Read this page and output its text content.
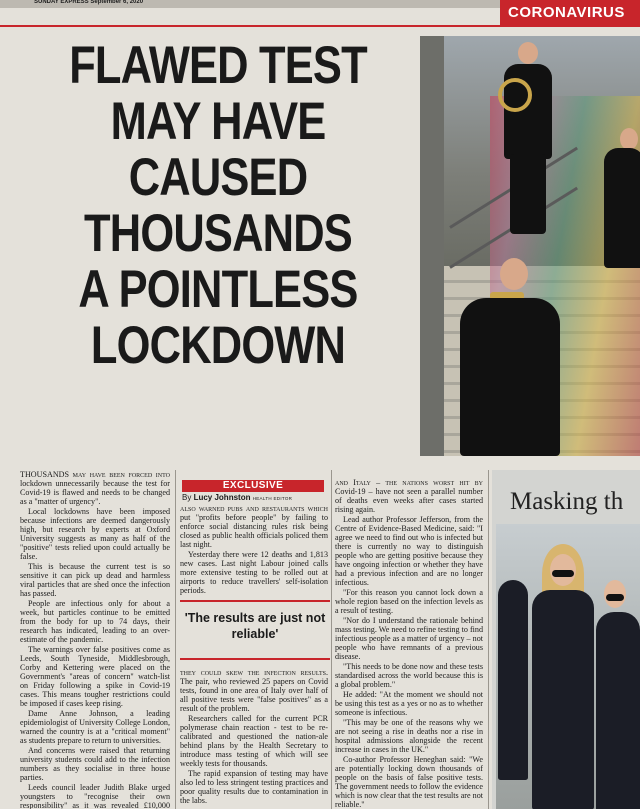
SUNDAY EXPRESS September 6, 2020
CORONAVIRUS
FLAWED TEST
MAY HAVE
CAUSED
THOUSANDS
A POINTLESS
LOCKDOWN

THOUSANDS may have been forced into lockdown unnecessarily because the test for Covid-19 is flawed and needs to be changed as a "matter of urgency".

Local lockdowns have been imposed because infections are deemed dangerously high, but research by experts at Oxford University suggests as many as half of the "positive" tests relied upon could actually be false.

This is because the current test is so sensitive it can pick up dead and harmless viral particles that are shed once the infection has passed.

People are infectious only for about a week, but particles continue to be emitted from the body for up to 74 days, their research has indicated, leading to an over-estimate of the pandemic.

The warnings over false positives come as Leeds, South Tyneside, Middlesbrough, Corby and Kettering were placed on the Government's "areas of concern" watch-list on Friday following a spike in Covid-19 cases. This means tougher restrictions could be imposed if cases keep rising.

Dame Anne Johnson, a leading epidemiologist of University College London, warned the country is at a "critical moment" as students prepare to return to universities.

And concerns were raised that returning university students could add to the infection numbers as they socialise in three house parties.

Leeds council leader Judith Blake urged youngsters to "recognise their own responsibility" as it was revealed £10,000

EXCLUSIVE
By Lucy Johnston HEALTH EDITOR

also warned pubs and restaurants which put "profits before people" by failing to enforce social distancing rules risk being closed as public health officials policed them last night.

Yesterday there were 12 deaths and 1,813 new cases. Last night Labour joined calls more extensive testing to be rolled out at airports to reduce travellers' self-isolation periods.

'The results are just not reliable'

they could skew the infection results. The pair, who reviewed 25 papers on Covid tests, found in one area of Italy over half of all positive tests were "false positives" as a result of the problem.

Researchers called for the current PCR polymerase chain reaction - test to be re-calibrated and questioned the nation-ale behind plans by the Health Secretary to introduce mass testing of which will see weekly tests for thousands.

The rapid expansion of testing may have also led to less stringent testing practices and poor quality results due to contamination in the labs.

and Italy – the nations worst hit by Covid-19 – have not seen a parallel number of deaths even weeks after cases started rising again.

Lead author Professor Jefferson, from the Centre of Evidence-Based Medicine, said: "I agree we need to find out who is infected but there is currently no way to distinguish people who are getting positive because they have ongoing infection or whether they have had a previous infection and are no longer infectious.

"For this reason you cannot lock down a whole region based on the infection levels as a result of testing.

"Nor do I understand the rationale behind mass testing. We need to refine testing to find infectious people as a matter of urgency – not people who have remnants of a previous disease.

"This needs to be done now and these tests standardised across the world because this is a global problem."

He added: "At the moment we should not be using this test as a yes or no as to whether someone is infectious.

"This may be one of the reasons why we are not seeing a rise in deaths nor a rise in hospital admissions alongside the recent increase in cases in the UK."

Co-author Professor Heneghan said: "We are potentially locking down thousands of people on the basis of false positive tests. The government needs to follow the evidence which is now clear that the test results are not reliable."

Masking th
